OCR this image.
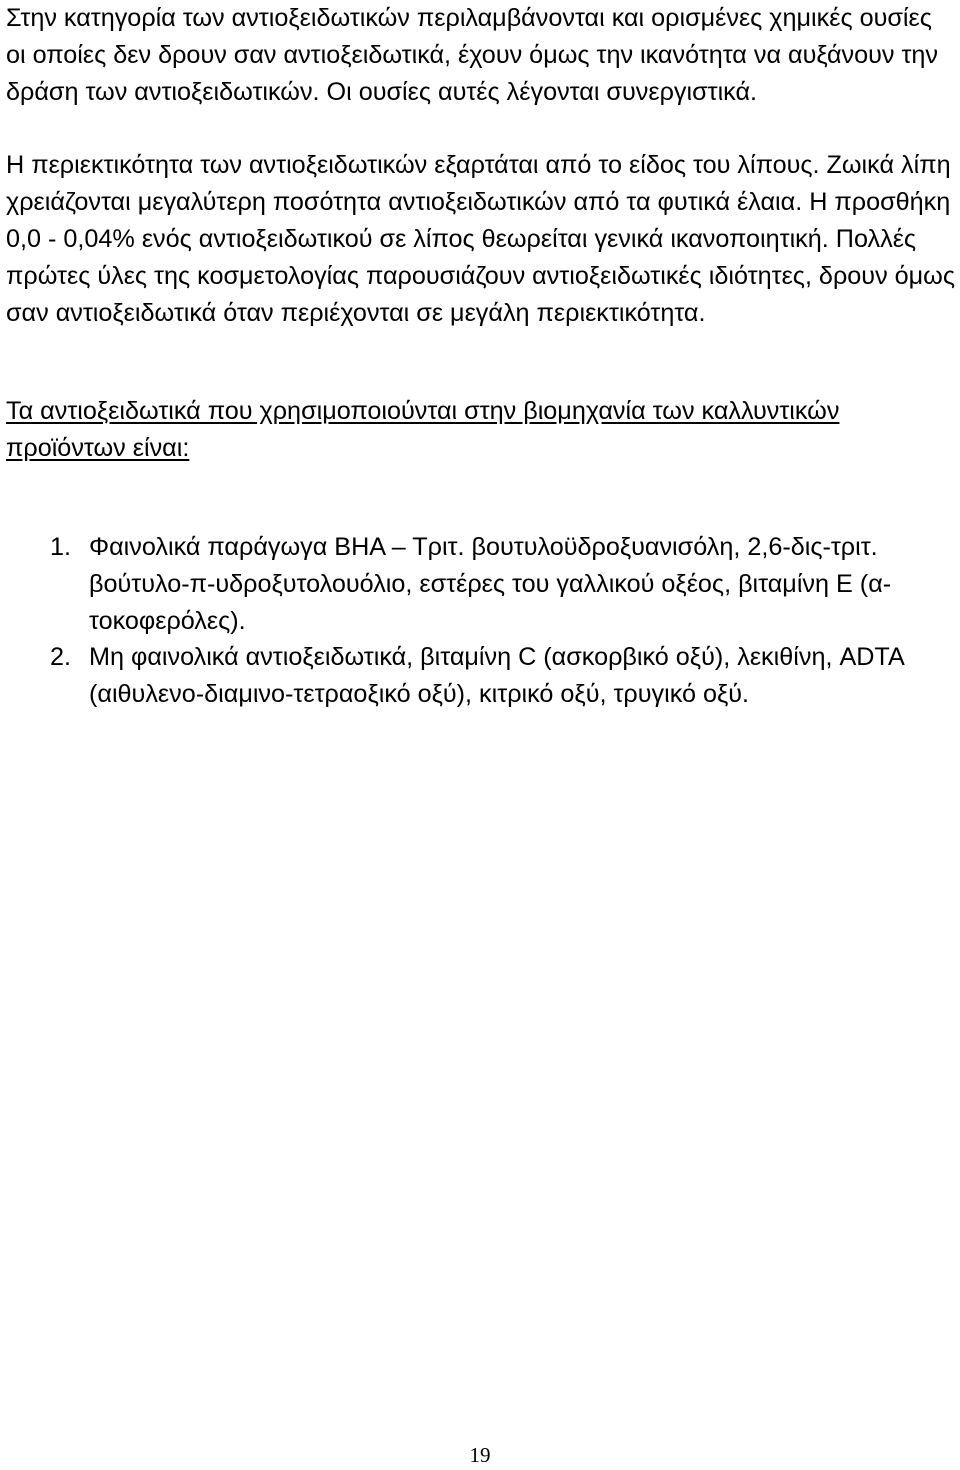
Στην κατηγορία των αντιοξειδωτικών περιλαμβάνονται και ορισμένες χημικές ουσίες οι οποίες δεν δρουν σαν αντιοξειδωτικά, έχουν όμως την ικανότητα να αυξάνουν την δράση των αντιοξειδωτικών. Οι ουσίες αυτές λέγονται συνεργιστικά.

Η περιεκτικότητα των αντιοξειδωτικών εξαρτάται από το είδος του λίπους. Ζωικά λίπη χρειάζονται μεγαλύτερη ποσότητα αντιοξειδωτικών από τα φυτικά έλαια. Η προσθήκη 0,0 - 0,04% ενός αντιοξειδωτικού σε λίπος θεωρείται γενικά ικανοποιητική. Πολλές πρώτες ύλες της κοσμετολογίας παρουσιάζουν αντιοξειδωτικές ιδιότητες, δρουν όμως σαν αντιοξειδωτικά όταν περιέχονται σε μεγάλη περιεκτικότητα.

Τα αντιοξειδωτικά που χρησιμοποιούνται στην βιομηχανία των καλλυντικών προϊόντων είναι:

1. Φαινολικά παράγωγα ΒΗΑ – Τριτ. βουτυλοϋδροξυανισόλη, 2,6-δις-τριτ. βούτυλο-π-υδροξυτολουόλιο, εστέρες του γαλλικού οξέος, βιταμίνη Ε (α-τοκοφερόλες).
2. Μη φαινολικά αντιοξειδωτικά, βιταμίνη C (ασκορβικό οξύ), λεκιθίνη, ADTA (αιθυλενο-διαμινο-τετραοξικό οξύ), κιτρικό οξύ, τρυγικό οξύ.
19
